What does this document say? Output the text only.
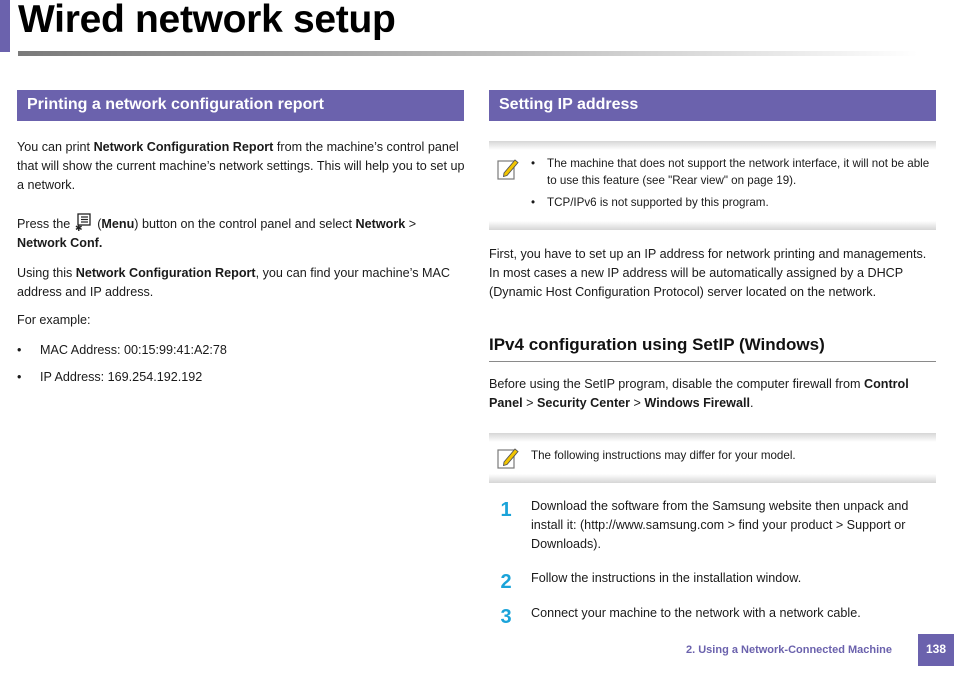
Wired network setup
Printing a network configuration report
You can print Network Configuration Report from the machine’s control panel that will show the current machine’s network settings. This will help you to set up a network.
Press the ✱ (Menu) button on the control panel and select Network >
Network Conf.
Using this Network Configuration Report, you can find your machine’s MAC address and IP address.
For example:
• MAC Address: 00:15:99:41:A2:78
• IP Address: 169.254.192.192
Setting IP address
• The machine that does not support the network interface, it will not be able to use this feature (see "Rear view" on page 19).
• TCP/IPv6 is not supported by this program.
First, you have to set up an IP address for network printing and managements. In most cases a new IP address will be automatically assigned by a DHCP (Dynamic Host Configuration Protocol) server located on the network.
IPv4 configuration using SetIP (Windows)
Before using the SetIP program, disable the computer firewall from Control Panel > Security Center > Windows Firewall.
The following instructions may differ for your model.
1	Download the software from the Samsung website then unpack and install it: (http://www.samsung.com > find your product > Support or Downloads).
2	Follow the instructions in the installation window.
3	Connect your machine to the network with a network cable.
2. Using a Network-Connected Machine	138
